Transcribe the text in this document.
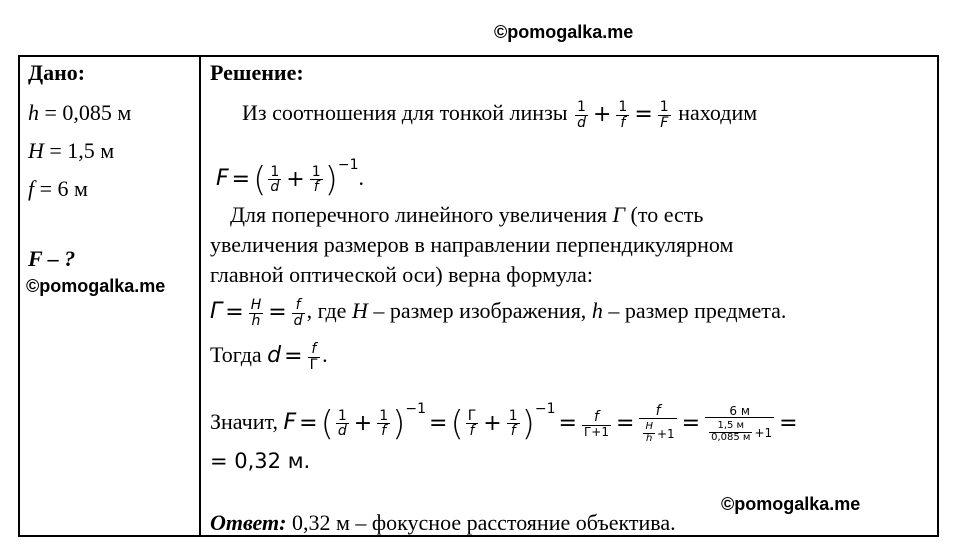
©pomogalka.me
Дано:
h = 0,085 м
H = 1,5 м
f = 6 м
F – ?
©pomogalka.me
Решение:
Из соотношения для тонкой линзы $\frac{1}{d} + \frac{1}{f} = \frac{1}{F}$ находим
F =( $\frac{1}{d} + \frac{1}{f} )^{-1}$.
Для поперечного линейного увеличения Г (то есть
увеличения размеров в направлении перпендикулярном
главной оптической оси) верна формула:
$Г = \frac{H}{h} = \frac{f}{d}$ , где H – размер изображения, h – размер предмета.
Тогда $d = \frac{f}{Г}$ .
Значит, F =( $\frac{1}{d} + \frac{1}{f} )^{-1}=( \frac{Г}{f} + \frac{1}{f} )^{-1}= \frac{f}{Г+1} = \frac{f}{\frac{H}{h} +1} = \frac{6 м}{\frac{1,5 м}{0,085 м} +1}$ =
= 0,32 м.
Ответ: 0,32 м – фокусное расстояние объектива.
©pomogalka.me
